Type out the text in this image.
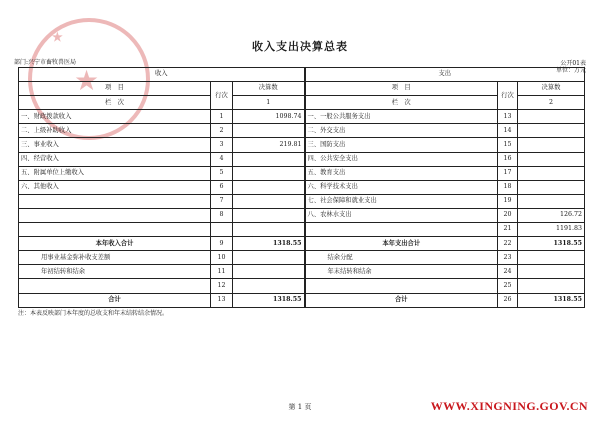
★
★
收入支出决算总表
公开01表
单位：万元
部门:兴宁市畜牧兽医局
收入			支出		
项　目	行次	决算数	项　目	行次	决算数
栏　次		1	栏　次		2
一、财政拨款收入	1	1098.74	一、一般公共服务支出	13	
二、上级补助收入	2		二、外交支出	14	
三、事业收入	3	219.81	三、国防支出	15	
四、经营收入	4		四、公共安全支出	16	
五、附属单位上缴收入	5		五、教育支出	17	
六、其他收入	6		六、科学技术支出	18	
	7		七、社会保障和就业支出	19	
	8		八、农林水支出	20	126.72
				21	1191.83
本年收入合计	9	1318.55	本年支出合计	22	1318.55
用事业基金弥补收支差额	10		结余分配	23	
年初结转和结余	11		年末结转和结余	24	
	12			25	
合计	13	1318.55	合计	26	1318.55
注：本表反映部门本年度的总收支和年末结转结余情况。
第 1 页	WWW.XINGNING.GOV.CN
